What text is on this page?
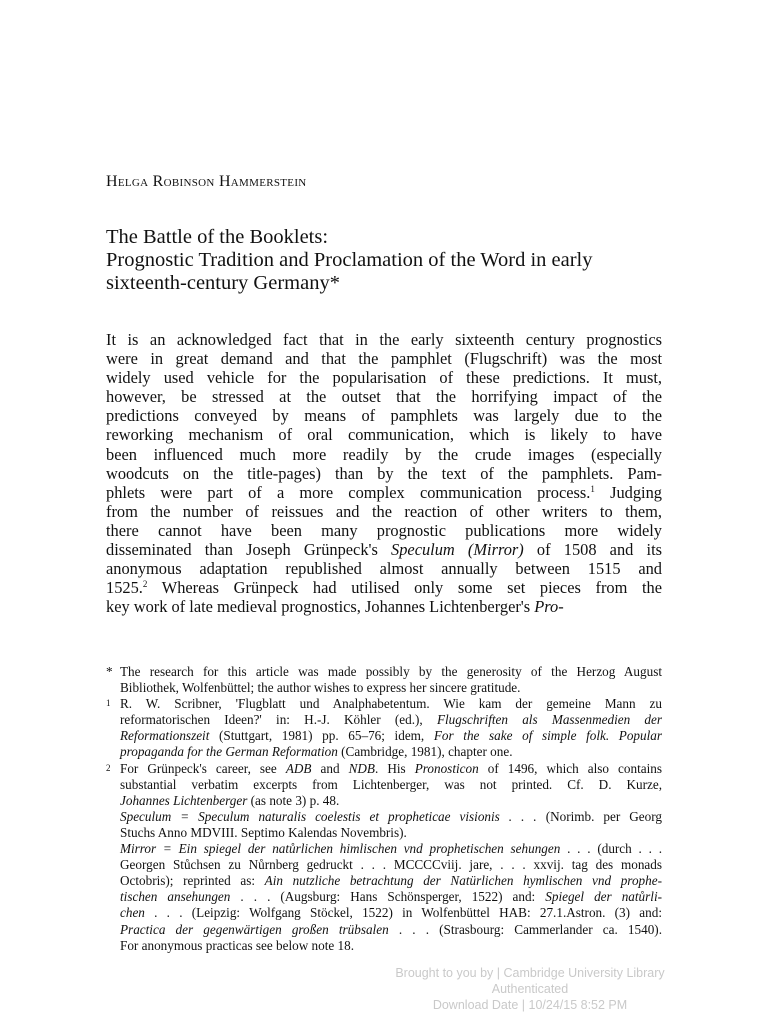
Helga Robinson Hammerstein
The Battle of the Booklets:
Prognostic Tradition and Proclamation of the Word in early
sixteenth-century Germany*
It is an acknowledged fact that in the early sixteenth century prognostics
were in great demand and that the pamphlet (Flugschrift) was the most
widely used vehicle for the popularisation of these predictions. It must,
however, be stressed at the outset that the horrifying impact of the
predictions conveyed by means of pamphlets was largely due to the
reworking mechanism of oral communication, which is likely to have
been influenced much more readily by the crude images (especially
woodcuts on the title-pages) than by the text of the pamphlets. Pam-
phlets were part of a more complex communication process.$^1$ Judging
from the number of reissues and the reaction of other writers to them,
there cannot have been many prognostic publications more widely
disseminated than Joseph Grünpeck's Speculum (Mirror) of 1508 and its
anonymous adaptation republished almost annually between 1515 and
1525.$^2$ Whereas Grünpeck had utilised only some set pieces from the
key work of late medieval prognostics, Johannes Lichtenberger's Pro-
* The research for this article was made possibly by the generosity of the Herzog August
Bibliothek, Wolfenbüttel; the author wishes to express her sincere gratitude.
1 R. W. Scribner, 'Flugblatt und Analphabetentum. Wie kam der gemeine Mann zu
reformatorischen Ideen?' in: H.-J. Köhler (ed.), Flugschriften als Massenmedien der
Reformationszeit (Stuttgart, 1981) pp. 65–76; idem, For the sake of simple folk. Popular
propaganda for the German Reformation (Cambridge, 1981), chapter one.
2 For Grünpeck's career, see ADB and NDB. His Pronosticon of 1496, which also contains
substantial verbatim excerpts from Lichtenberger, was not printed. Cf. D. Kurze,
Johannes Lichtenberger (as note 3) p. 48.
Speculum = Speculum naturalis coelestis et propheticae visionis . . . (Norimb. per Georg
Stuchs Anno MDVIII. Septimo Kalendas Novembris).
Mirror = Ein spiegel der natůrlichen himlischen vnd prophetischen sehungen . . . (durch . . .
Georgen Stůchsen zu Nůrnberg gedruckt . . . MCCCCviij. jare, . . . xxvij. tag des monads
Octobris); reprinted as: Ain nutzliche betrachtung der Natürlichen hymlischen vnd prophe-
tischen ansehungen . . . (Augsburg: Hans Schönsperger, 1522) and: Spiegel der natůrli-
chen . . . (Leipzig: Wolfgang Stöckel, 1522) in Wolfenbüttel HAB: 27.1.Astron. (3) and:
Practica der gegenwärtigen großen trübsalen . . . (Strasbourg: Cammerlander ca. 1540).
For anonymous practicas see below note 18.
Brought to you by | Cambridge University Library
Authenticated
Download Date | 10/24/15 8:52 PM
